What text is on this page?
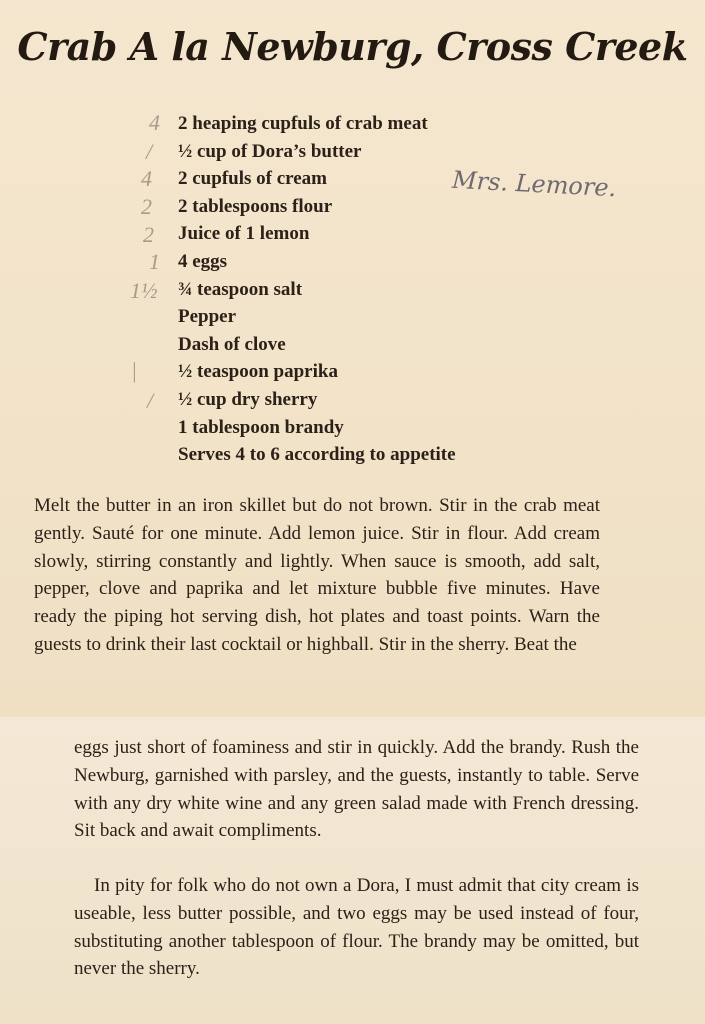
Crab A la Newburg, Cross Creek
4
/
4
2
2
1
1½
|
/
Mrs. Lemore.
2 heaping cupfuls of crab meat
½ cup of Dora’s butter
2 cupfuls of cream
2 tablespoons flour
Juice of 1 lemon
4 eggs
¾ teaspoon salt
Pepper
Dash of clove
½ teaspoon paprika
½ cup dry sherry
1 tablespoon brandy
Serves 4 to 6 according to appetite

Melt the butter in an iron skillet but do not brown. Stir in the crab meat gently. Sauté for one minute. Add lemon juice. Stir in flour. Add cream slowly, stirring constantly and lightly. When sauce is smooth, add salt, pepper, clove and paprika and let mixture bubble five minutes. Have ready the piping hot serving dish, hot plates and toast points. Warn the guests to drink their last cocktail or highball. Stir in the sherry. Beat the

eggs just short of foaminess and stir in quickly. Add the brandy. Rush the Newburg, garnished with parsley, and the guests, instantly to table. Serve with any dry white wine and any green salad made with French dressing. Sit back and await compliments.

In pity for folk who do not own a Dora, I must admit that city cream is useable, less butter possible, and two eggs may be used instead of four, substituting another tablespoon of flour. The brandy may be omitted, but never the sherry.
